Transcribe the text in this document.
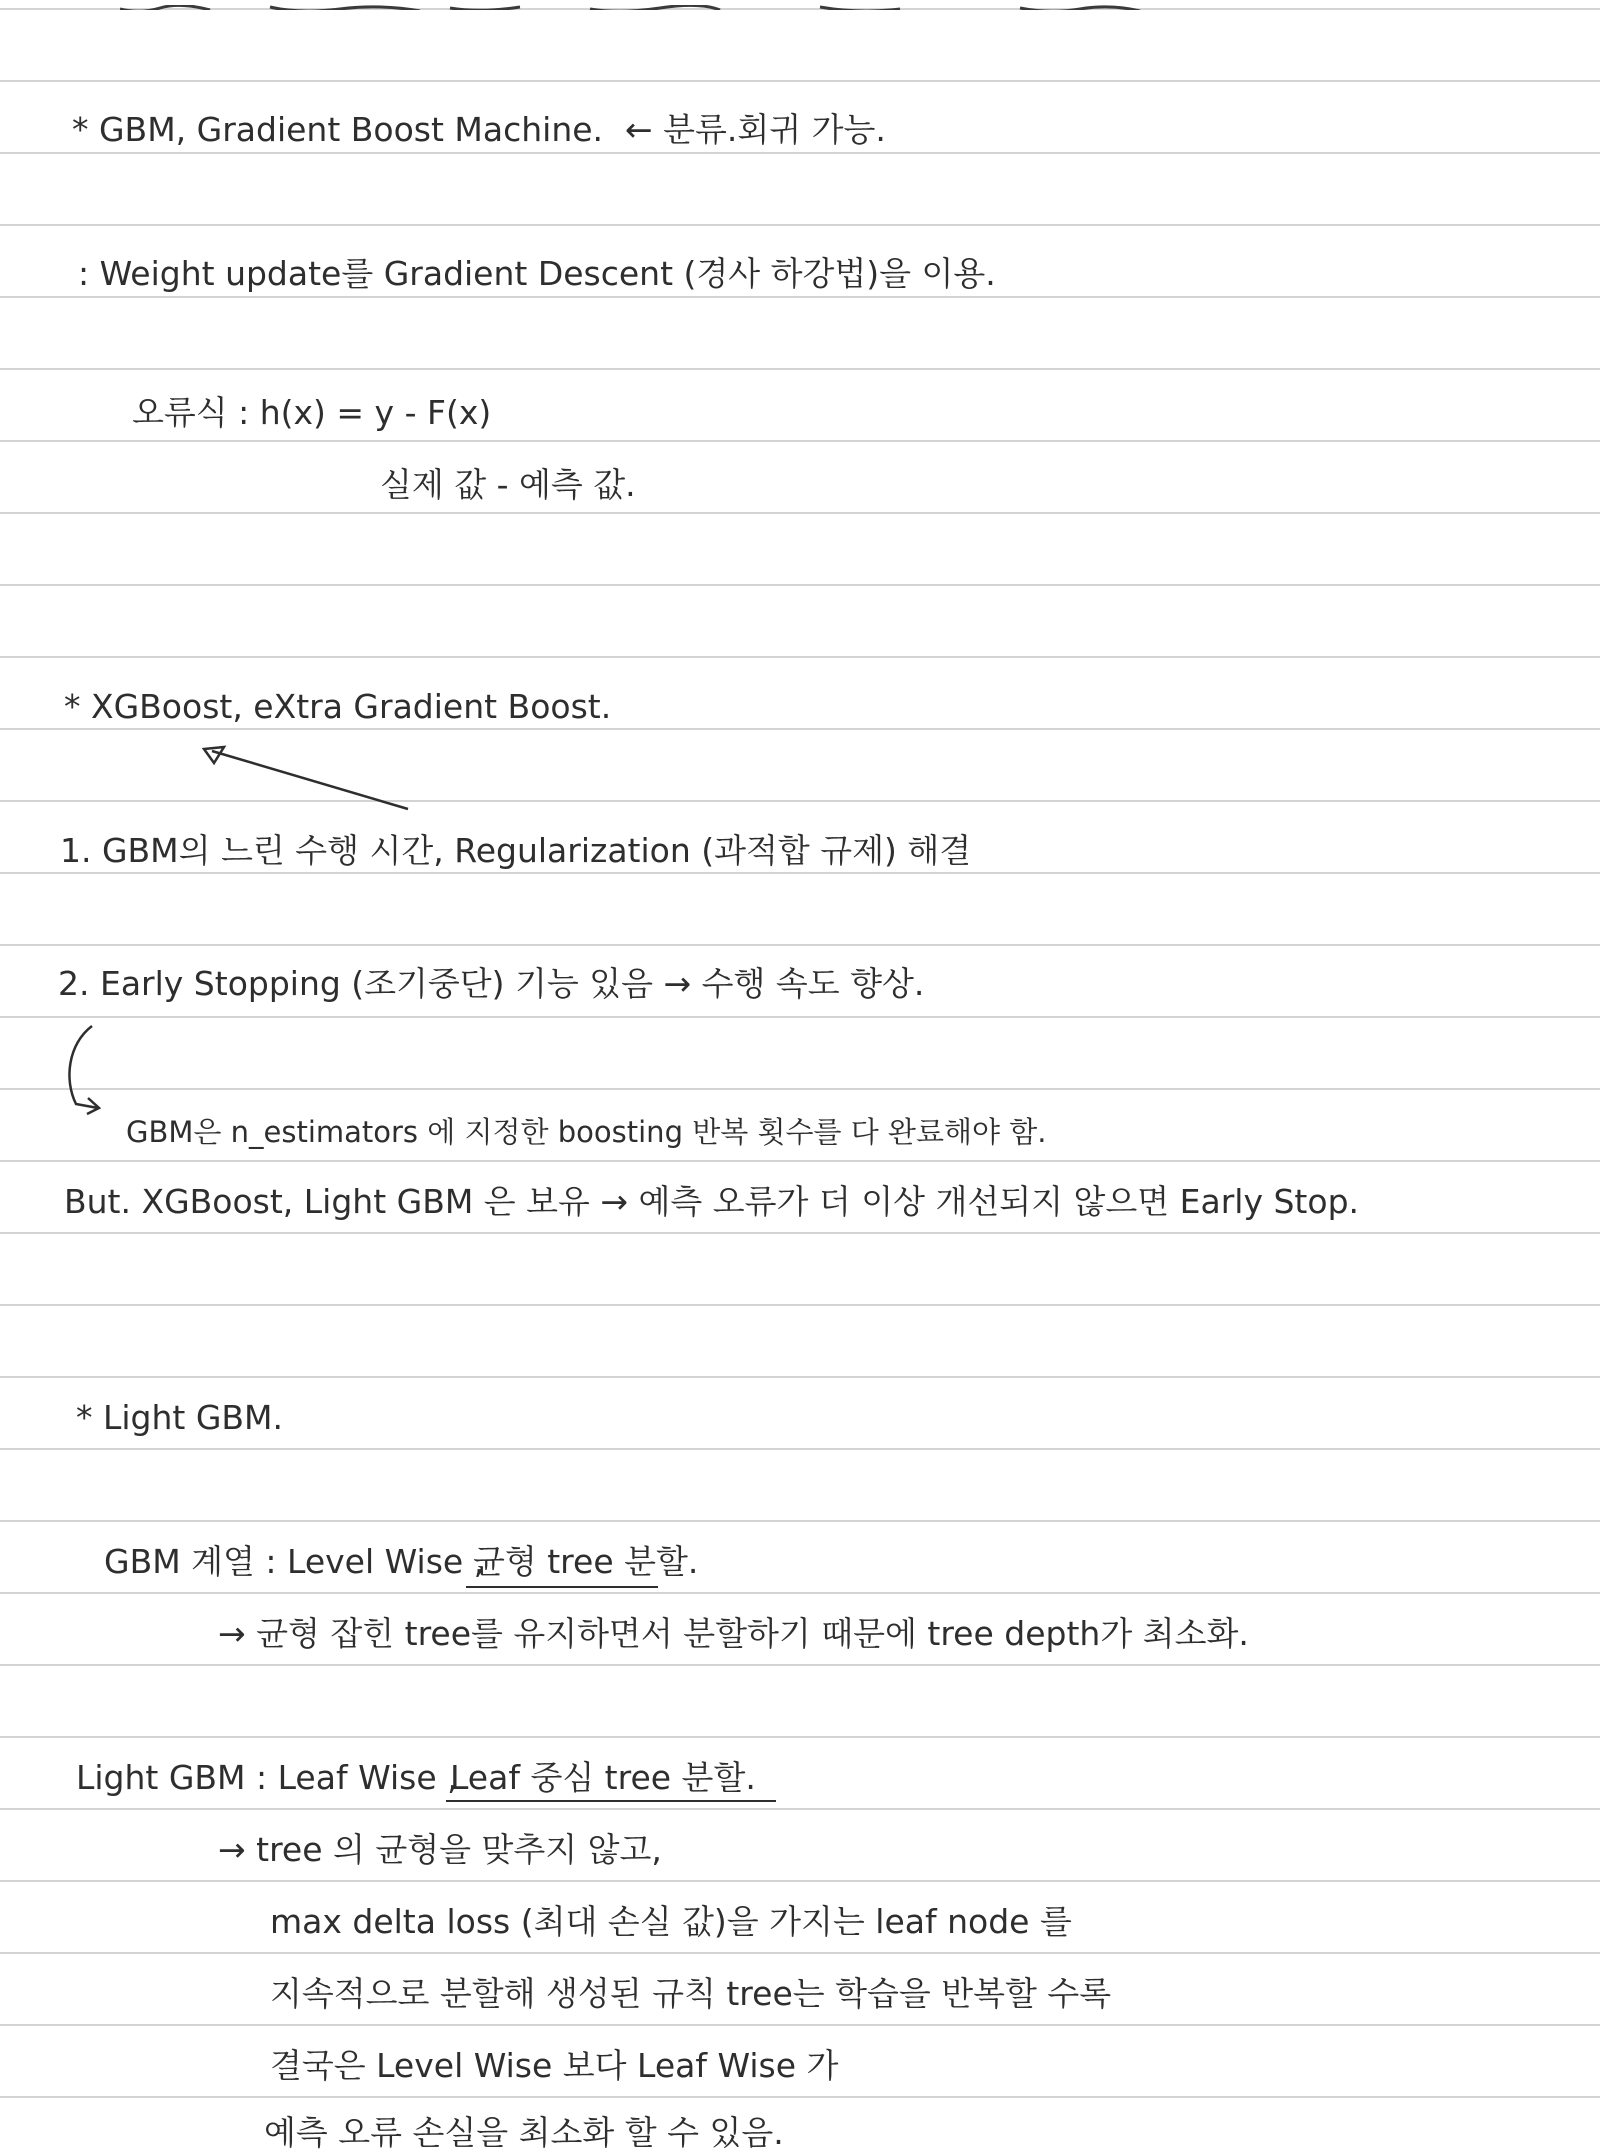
* GBM, Gradient Boost Machine. ← 분류.회귀 가능.
: Weight update를 Gradient Descent (경사 하강법)을 이용.
오류식 : h(x) = y - F(x)
실제 값 - 예측 값.
* XGBoost, eXtra Gradient Boost.
1. GBM의 느린 수행 시간, Regularization (과적합 규제) 해결
2. Early Stopping (조기중단) 기능 있음 → 수행 속도 향상.
GBM은 n_estimators 에 지정한 boosting 반복 횟수를 다 완료해야 함.
But. XGBoost, Light GBM 은 보유 → 예측 오류가 더 이상 개선되지 않으면 Early Stop.
* Light GBM.
GBM 계열 : Level Wise ,
균형 tree 분할.
→ 균형 잡힌 tree를 유지하면서 분할하기 때문에 tree depth가 최소화.
Light GBM : Leaf Wise ,
Leaf 중심 tree 분할.
→ tree 의 균형을 맞추지 않고,
max delta loss (최대 손실 값)을 가지는 leaf node 를
지속적으로 분할해 생성된 규칙 tree는 학습을 반복할 수록
결국은 Level Wise 보다 Leaf Wise 가
예측 오류 손실을 최소화 할 수 있음.
